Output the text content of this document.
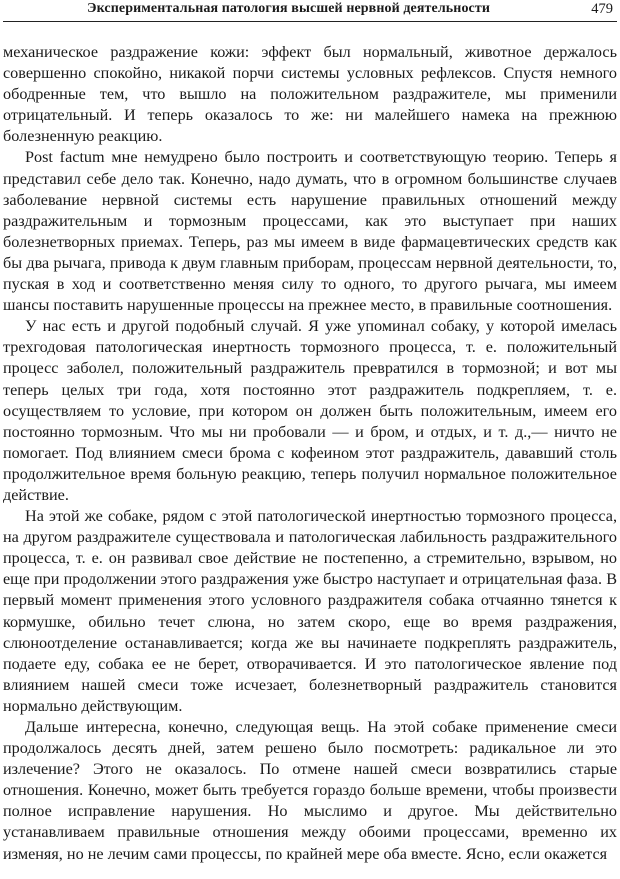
Экспериментальная патология высшей нервной деятельности	479

механическое раздражение кожи: эффект был нормальный, животное держалось совершенно спокойно, никакой порчи системы условных рефлексов. Спустя немного ободренные тем, что вышло на положительном раздражителе, мы применили отрицательный. И теперь оказалось то же: ни малейшего намека на прежнюю болезненную реакцию.

Post factum мне немудрено было построить и соответствующую теорию. Теперь я представил себе дело так. Конечно, надо думать, что в огромном большинстве случаев заболевание нервной системы есть нарушение правильных отношений между раздражительным и тормозным процессами, как это выступает при наших болезнетворных приемах. Теперь, раз мы имеем в виде фармацевтических средств как бы два рычага, привода к двум главным приборам, процессам нервной деятельности, то, пуская в ход и соответственно меняя силу то одного, то другого рычага, мы имеем шансы поставить нарушенные процессы на прежнее место, в правильные соотношения.

У нас есть и другой подобный случай. Я уже упоминал собаку, у которой имелась трехгодовая патологическая инертность тормозного процесса, т. е. положительный процесс заболел, положительный раздражитель превратился в тормозной; и вот мы теперь целых три года, хотя постоянно этот раздражитель подкрепляем, т. е. осуществляем то условие, при котором он должен быть положительным, имеем его постоянно тормозным. Что мы ни пробовали — и бром, и отдых, и т. д.,— ничто не помогает. Под влиянием смеси брома с кофеином этот раздражитель, дававший столь продолжительное время больную реакцию, теперь получил нормальное положительное действие.

На этой же собаке, рядом с этой патологической инертностью тормозного процесса, на другом раздражителе существовала и патологическая лабильность раздражительного процесса, т. е. он развивал свое действие не постепенно, а стремительно, взрывом, но еще при продолжении этого раздражения уже быстро наступает и отрицательная фаза. В первый момент применения этого условного раздражителя собака отчаянно тянется к кормушке, обильно течет слюна, но затем скоро, еще во время раздражения, слюноотделение останавливается; когда же вы начинаете подкреплять раздражитель, подаете еду, собака ее не берет, отворачивается. И это патологическое явление под влиянием нашей смеси тоже исчезает, болезнетворный раздражитель становится нормально действующим.

Дальше интересна, конечно, следующая вещь. На этой собаке применение смеси продолжалось десять дней, затем решено было посмотреть: радикальное ли это излечение? Этого не оказалось. По отмене нашей смеси возвратились старые отношения. Конечно, может быть требуется гораздо больше времени, чтобы произвести полное исправление нарушения. Но мыслимо и другое. Мы действительно устанавливаем правильные отношения между обоими процессами, временно их изменяя, но не лечим сами процессы, по крайней мере оба вместе. Ясно, если окажется
